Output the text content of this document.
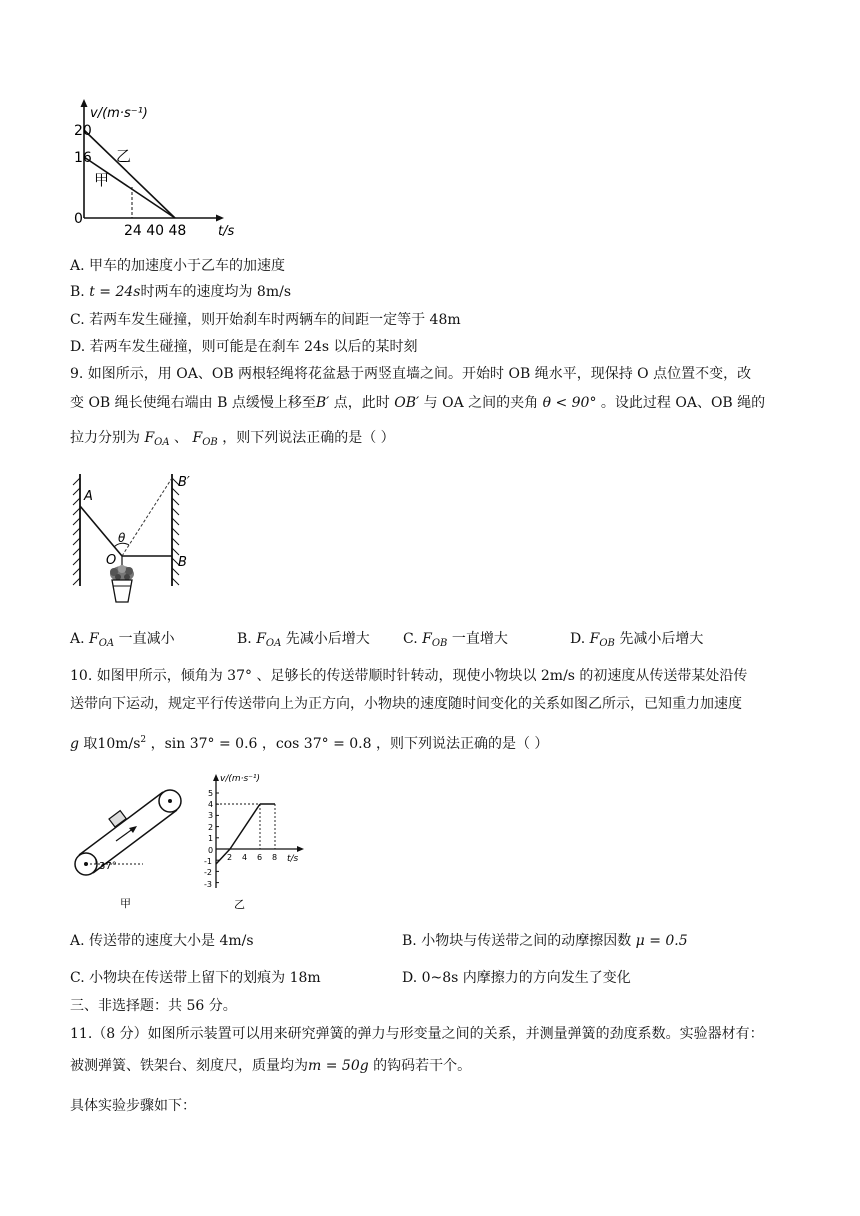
v/(m·s⁻¹)
t/s
20
16
0
24 40 48
乙
甲
A. 甲车的加速度小于乙车的加速度
B. t = 24s时两车的速度均为 8m/s
C. 若两车发生碰撞，则开始刹车时两辆车的间距一定等于 48m
D. 若两车发生碰撞，则可能是在刹车 24s 以后的某时刻
9. 如图所示，用 OA、OB 两根轻绳将花盆悬于两竖直墙之间。开始时 OB 绳水平，现保持 O 点位置不变，改
变 OB 绳长使绳右端由 B 点缓慢上移至B′ 点，此时 OB′ 与 OA 之间的夹角 θ < 90° 。设此过程 OA、OB 绳的
拉力分别为 $F_{OA}$ 、 $F_{OB}$ ，则下列说法正确的是（ ）
A
B
B′
O
θ
A. $F_{OA}$ 一直减小	B. $F_{OA}$ 先减小后增大 C. $F_{OB}$ 一直增大	D. $F_{OB}$ 先减小后增大
10. 如图甲所示，倾角为 37° 、足够长的传送带顺时针转动，现使小物块以 2m/s 的初速度从传送带某处沿传
送带向下运动，规定平行传送带向上为正方向，小物块的速度随时间变化的关系如图乙所示，已知重力加速度
g 取$10m/s^2$ ，sin 37° = 0.6 ，cos 37° = 0.8 ，则下列说法正确的是（ ）
37°
甲
v/(m·s⁻¹)
t/s
5
4
3
2
1
0
-1
-2
-3
2 4 6 8
乙
A. 传送带的速度大小是 4m/s	B. 小物块与传送带之间的动摩擦因数 μ = 0.5
C. 小物块在传送带上留下的划痕为 18m	D. 0~8s 内摩擦力的方向发生了变化
三、非选择题：共 56 分。
11.（8 分）如图所示装置可以用来研究弹簧的弹力与形变量之间的关系，并测量弹簧的劲度系数。实验器材有：
被测弹簧、铁架台、刻度尺，质量均为m = 50g 的钩码若干个。
具体实验步骤如下：
